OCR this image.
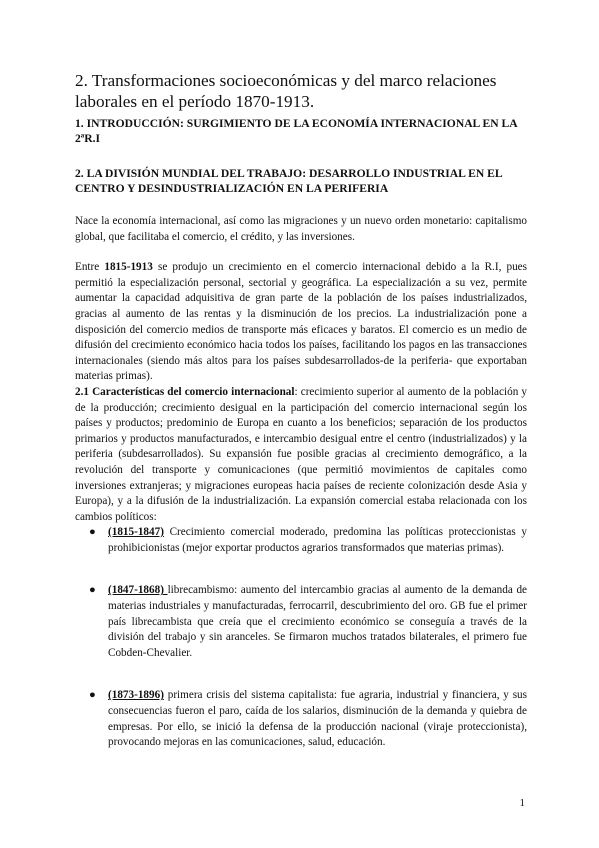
2. Transformaciones socioeconómicas y del marco relaciones laborales en el período 1870-1913.
1. INTRODUCCIÓN: SURGIMIENTO DE LA ECONOMÍA INTERNACIONAL EN LA 2ªR.I
2. LA DIVISIÓN MUNDIAL DEL TRABAJO: DESARROLLO INDUSTRIAL EN EL CENTRO Y DESINDUSTRIALIZACIÓN EN LA PERIFERIA

Nace la economía internacional, así como las migraciones y un nuevo orden monetario: capitalismo global, que facilitaba el comercio, el crédito, y las inversiones.

Entre 1815-1913 se produjo un crecimiento en el comercio internacional debido a la R.I, pues permitió la especialización personal, sectorial y geográfica. La especialización a su vez, permite aumentar la capacidad adquisitiva de gran parte de la población de los países industrializados, gracias al aumento de las rentas y la disminución de los precios. La industrialización pone a disposición del comercio medios de transporte más eficaces y baratos. El comercio es un medio de difusión del crecimiento económico hacia todos los países, facilitando los pagos en las transacciones internacionales (siendo más altos para los países subdesarrollados-de la periferia- que exportaban materias primas).

2.1 Características del comercio internacional: crecimiento superior al aumento de la población y de la producción; crecimiento desigual en la participación del comercio internacional según los países y productos; predominio de Europa en cuanto a los beneficios; separación de los productos primarios y productos manufacturados, e intercambio desigual entre el centro (industrializados) y la periferia (subdesarrollados). Su expansión fue posible gracias al crecimiento demográfico, a la revolución del transporte y comunicaciones (que permitió movimientos de capitales como inversiones extranjeras; y migraciones europeas hacia países de reciente colonización desde Asia y Europa), y a la difusión de la industrialización. La expansión comercial estaba relacionada con los cambios políticos:

● (1815-1847) Crecimiento comercial moderado, predomina las políticas proteccionistas y prohibicionistas (mejor exportar productos agrarios transformados que materias primas).
● (1847-1868) librecambismo: aumento del intercambio gracias al aumento de la demanda de materias industriales y manufacturadas, ferrocarril, descubrimiento del oro. GB fue el primer país librecambista que creía que el crecimiento económico se conseguía a través de la división del trabajo y sin aranceles. Se firmaron muchos tratados bilaterales, el primero fue Cobden-Chevalier.
● (1873-1896) primera crisis del sistema capitalista: fue agraria, industrial y financiera, y sus consecuencias fueron el paro, caída de los salarios, disminución de la demanda y quiebra de empresas. Por ello, se inició la defensa de la producción nacional (viraje proteccionista), provocando mejoras en las comunicaciones, salud, educación.
1
